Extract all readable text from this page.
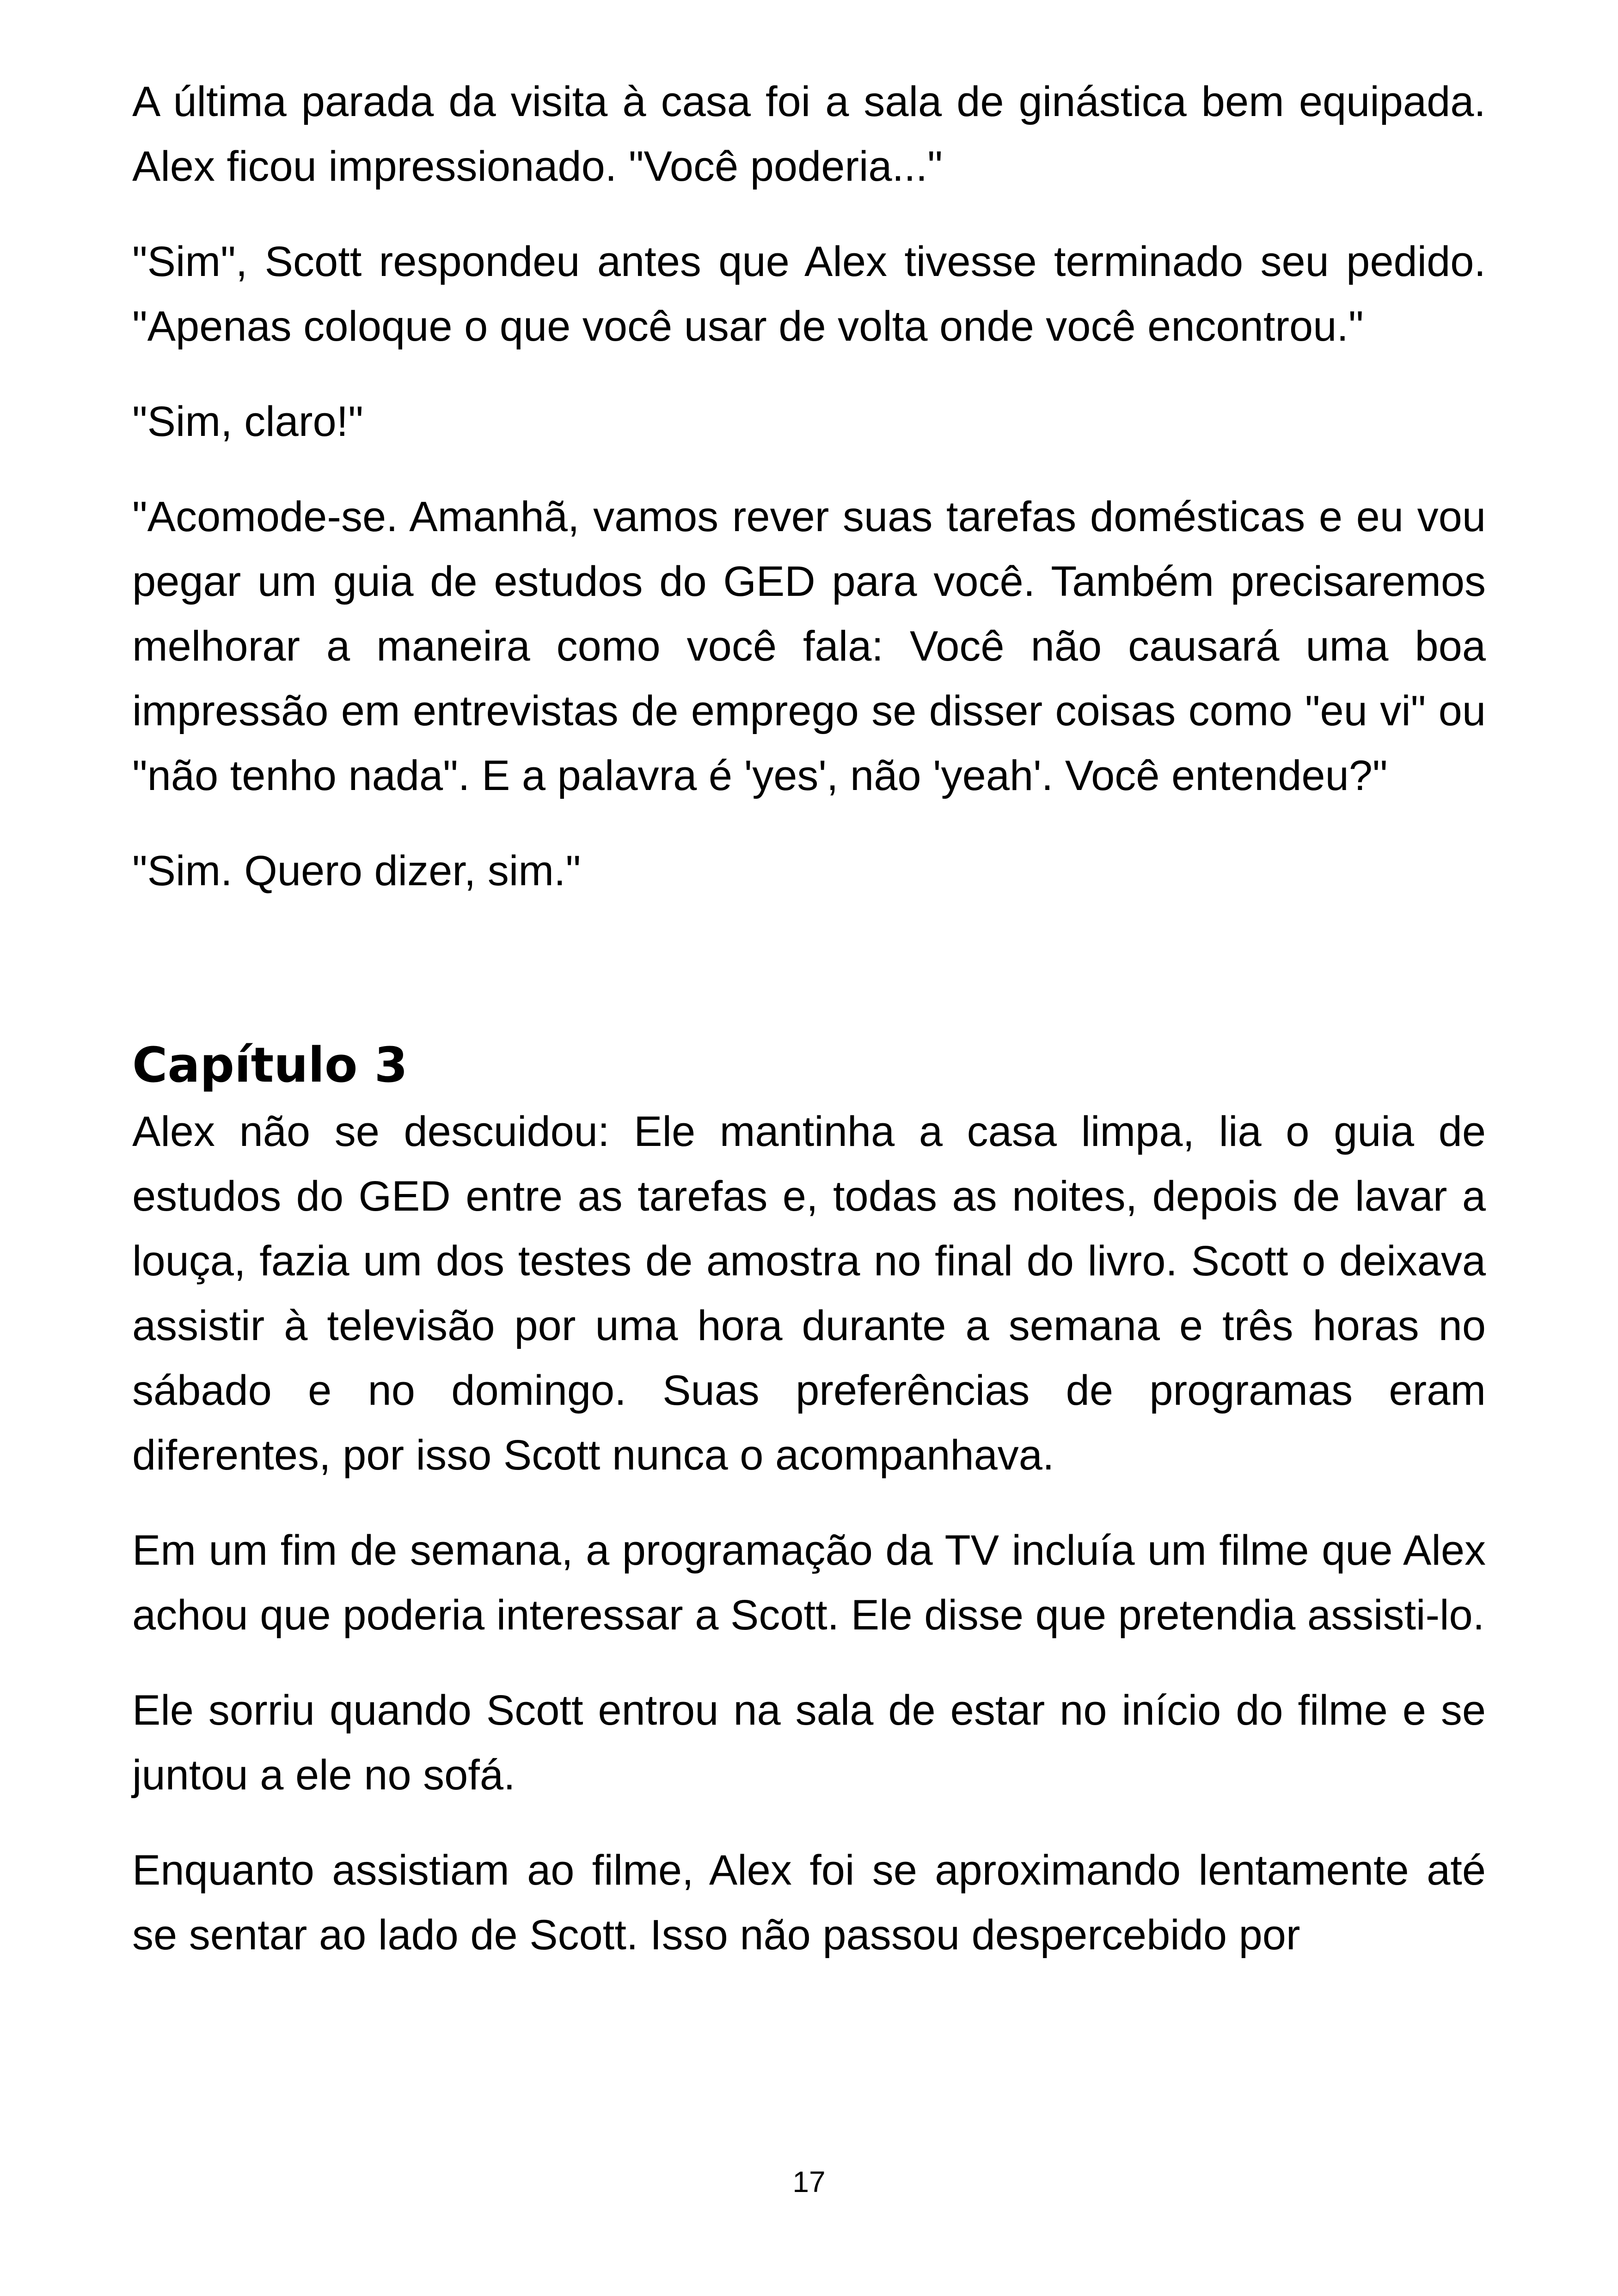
A última parada da visita à casa foi a sala de ginástica bem equipada. Alex ficou impressionado. "Você poderia..."

"Sim", Scott respondeu antes que Alex tivesse terminado seu pedido. "Apenas coloque o que você usar de volta onde você encontrou."

"Sim, claro!"

"Acomode-se. Amanhã, vamos rever suas tarefas domésticas e eu vou pegar um guia de estudos do GED para você. Também precisaremos melhorar a maneira como você fala: Você não causará uma boa impressão em entrevistas de emprego se disser coisas como "eu vi" ou "não tenho nada". E a palavra é 'yes', não 'yeah'. Você entendeu?"

"Sim. Quero dizer, sim."

Capítulo 3

Alex não se descuidou: Ele mantinha a casa limpa, lia o guia de estudos do GED entre as tarefas e, todas as noites, depois de lavar a louça, fazia um dos testes de amostra no final do livro. Scott o deixava assistir à televisão por uma hora durante a semana e três horas no sábado e no domingo. Suas preferências de programas eram diferentes, por isso Scott nunca o acompanhava.

Em um fim de semana, a programação da TV incluía um filme que Alex achou que poderia interessar a Scott. Ele disse que pretendia assisti-lo.

Ele sorriu quando Scott entrou na sala de estar no início do filme e se juntou a ele no sofá.

Enquanto assistiam ao filme, Alex foi se aproximando lentamente até se sentar ao lado de Scott. Isso não passou despercebido por

17
